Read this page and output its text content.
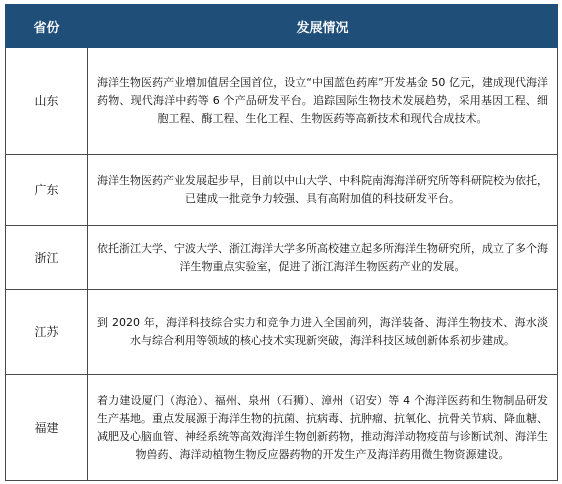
省份	发展情况
山东	海洋生物医药产业增加值居全国首位，设立“中国蓝色药库”开发基金 50 亿元，建成现代海洋药物、现代海洋中药等 6 个产品研发平台。追踪国际生物技术发展趋势，采用基因工程、细胞工程、酶工程、生化工程、生物医药等高新技术和现代合成技术。

广东	海洋生物医药产业发展起步早，目前以中山大学、中科院南海海洋研究所等科研院校为依托，已建成一批竞争力较强、具有高附加值的科技研发平台。

浙江	依托浙江大学、宁波大学、浙江海洋大学多所高校建立起多所海洋生物研究所，成立了多个海洋生物重点实验室，促进了浙江海洋生物医药产业的发展。

江苏	到 2020 年，海洋科技综合实力和竞争力进入全国前列，海洋装备、海洋生物技术、海水淡水与综合利用等领域的核心技术实现新突破，海洋科技区域创新体系初步建成。

福建	着力建设厦门（海沧）、福州、泉州（石狮）、漳州（诏安）等 4 个海洋医药和生物制品研发生产基地。重点发展源于海洋生物的抗菌、抗病毒、抗肿瘤、抗氧化、抗骨关节病、降血糖、减肥及心脑血管、神经系统等高效海洋生物创新药物，推动海洋动物疫苗与诊断试剂、海洋生物兽药、海洋动植物生物反应器药物的开发生产及海洋药用微生物资源建设。
